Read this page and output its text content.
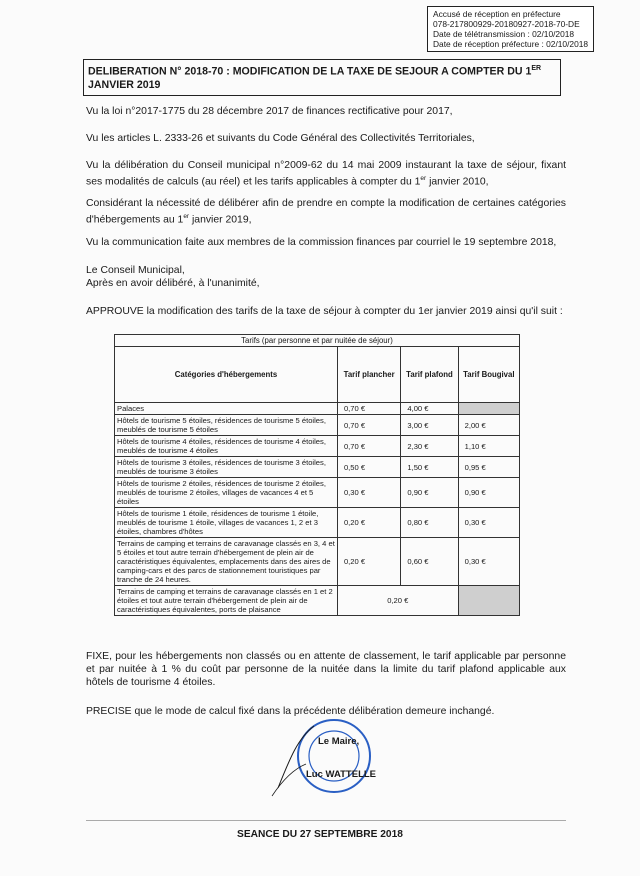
Accusé de réception en préfecture
078-217800929-20180927-2018-70-DE
Date de télétransmission : 02/10/2018
Date de réception préfecture : 02/10/2018
DELIBERATION N° 2018-70 : MODIFICATION DE LA TAXE DE SEJOUR A COMPTER DU 1ER JANVIER 2019
Vu la loi n°2017-1775 du 28 décembre 2017 de finances rectificative pour 2017,
Vu les articles L. 2333-26 et suivants du Code Général des Collectivités Territoriales,
Vu la délibération du Conseil municipal n°2009-62 du 14 mai 2009 instaurant la taxe de séjour, fixant ses modalités de calculs (au réel) et les tarifs applicables à compter du 1er janvier 2010,
Considérant la nécessité de délibérer afin de prendre en compte la modification de certaines catégories d'hébergements au 1er janvier 2019,
Vu la communication faite aux membres de la commission finances par courriel le 19 septembre 2018,
Le Conseil Municipal,
Après en avoir délibéré, à l'unanimité,
APPROUVE la modification des tarifs de la taxe de séjour à compter du 1er janvier 2019 ainsi qu'il suit :
Tarifs (par personne et par nuitée de séjour)			
Catégories d'hébergements	Tarif plancher	Tarif plafond	Tarif Bougival
Palaces	0,70 €	4,00 €	
Hôtels de tourisme 5 étoiles, résidences de tourisme 5 étoiles, meublés de tourisme 5 étoiles	0,70 €	3,00 €	2,00 €
Hôtels de tourisme 4 étoiles, résidences de tourisme 4 étoiles, meublés de tourisme 4 étoiles	0,70 €	2,30 €	1,10 €
Hôtels de tourisme 3 étoiles, résidences de tourisme 3 étoiles, meublés de tourisme 3 étoiles	0,50 €	1,50 €	0,95 €
Hôtels de tourisme 2 étoiles, résidences de tourisme 2 étoiles, meublés de tourisme 2 étoiles, villages de vacances 4 et 5 étoiles	0,30 €	0,90 €	0,90 €
Hôtels de tourisme 1 étoile, résidences de tourisme 1 étoile, meublés de tourisme 1 étoile, villages de vacances 1, 2 et 3 étoiles, chambres d'hôtes	0,20 €	0,80 €	0,30 €
Terrains de camping et terrains de caravanage classés en 3, 4 et 5 étoiles et tout autre terrain d'hébergement de plein air de caractéristiques équivalentes, emplacements dans des aires de camping-cars et des parcs de stationnement touristiques par tranche de 24 heures.	0,20 €	0,60 €	0,30 €
Terrains de camping et terrains de caravanage classés en 1 et 2 étoiles et tout autre terrain d'hébergement de plein air de caractéristiques équivalentes, ports de plaisance	0,20 €		
FIXE, pour les hébergements non classés ou en attente de classement, le tarif applicable par personne et par nuitée à 1 % du coût par personne de la nuitée dans la limite du tarif plafond applicable aux hôtels de tourisme 4 étoiles.
PRECISE que le mode de calcul fixé dans la précédente délibération demeure inchangé.
Le Maire,
Luc WATTELLE
SEANCE DU 27 SEPTEMBRE 2018
